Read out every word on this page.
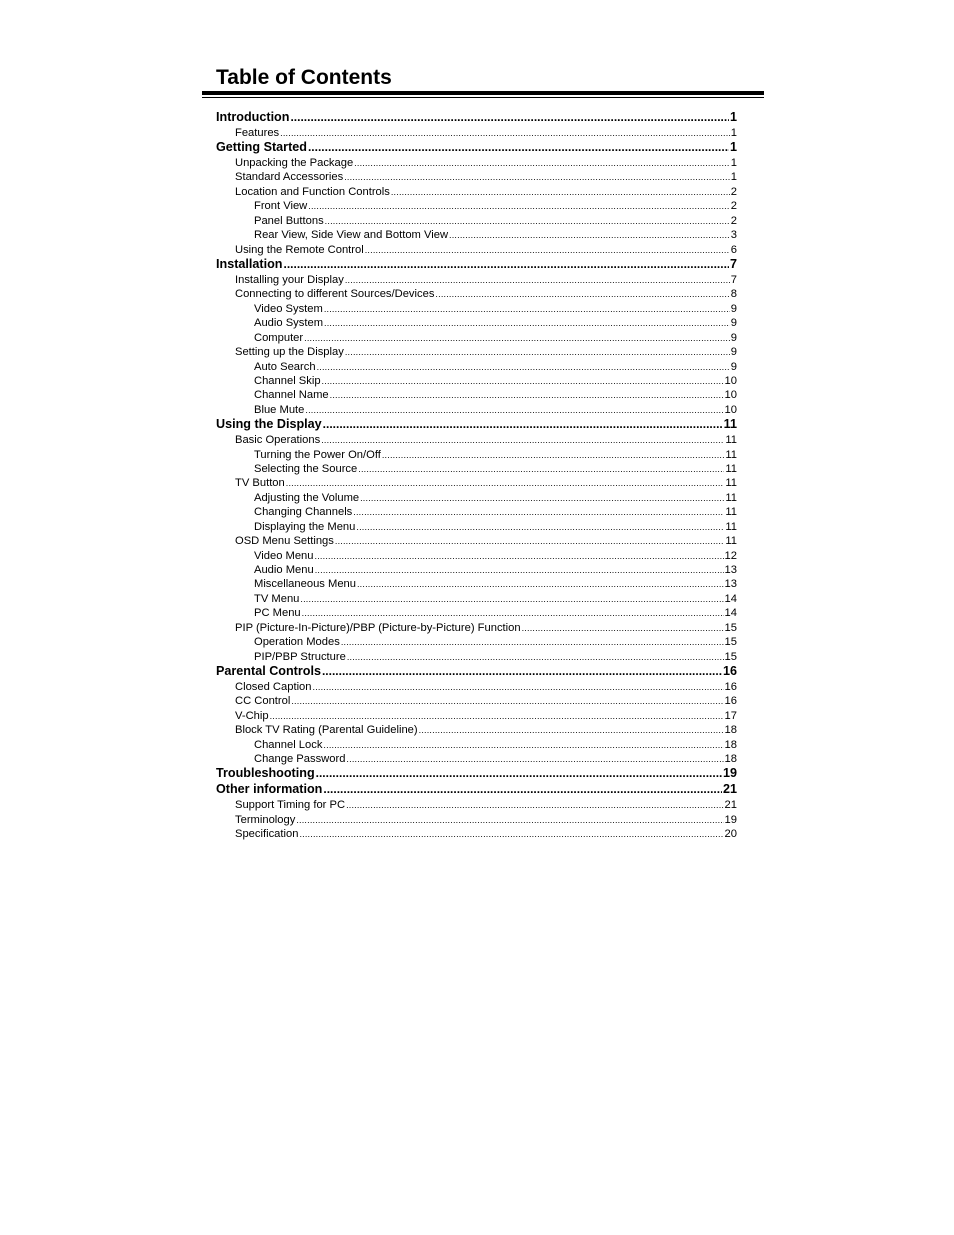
Table of Contents
Introduction .....	1
Features .....	1
Getting Started .....	1
Unpacking the Package .....	1
Standard Accessories .....	1
Location and Function Controls .....	2
Front View .....	2
Panel Buttons .....	2
Rear View, Side View and Bottom View .....	3
Using the Remote Control .....	6
Installation .....	7
Installing your Display .....	7
Connecting to different Sources/Devices .....	8
Video System .....	9
Audio System .....	9
Computer .....	9
Setting up the Display .....	9
Auto Search .....	9
Channel Skip .....	10
Channel Name .....	10
Blue Mute .....	10
Using the Display .....	11
Basic Operations .....	11
Turning the Power On/Off .....	11
Selecting the Source .....	11
TV Button .....	11
Adjusting the Volume .....	11
Changing Channels .....	11
Displaying the Menu .....	11
OSD Menu Settings .....	11
Video Menu .....	12
Audio Menu .....	13
Miscellaneous Menu .....	13
TV Menu .....	14
PC Menu .....	14
PIP (Picture-In-Picture)/PBP (Picture-by-Picture) Function .....	15
Operation Modes .....	15
PIP/PBP Structure .....	15
Parental Controls .....	16
Closed Caption .....	16
CC Control .....	16
V-Chip .....	17
Block TV Rating (Parental Guideline) .....	18
Channel Lock .....	18
Change Password .....	18
Troubleshooting .....	19
Other information .....	21
Support Timing for PC .....	21
Terminology .....	19
Specification .....	20
